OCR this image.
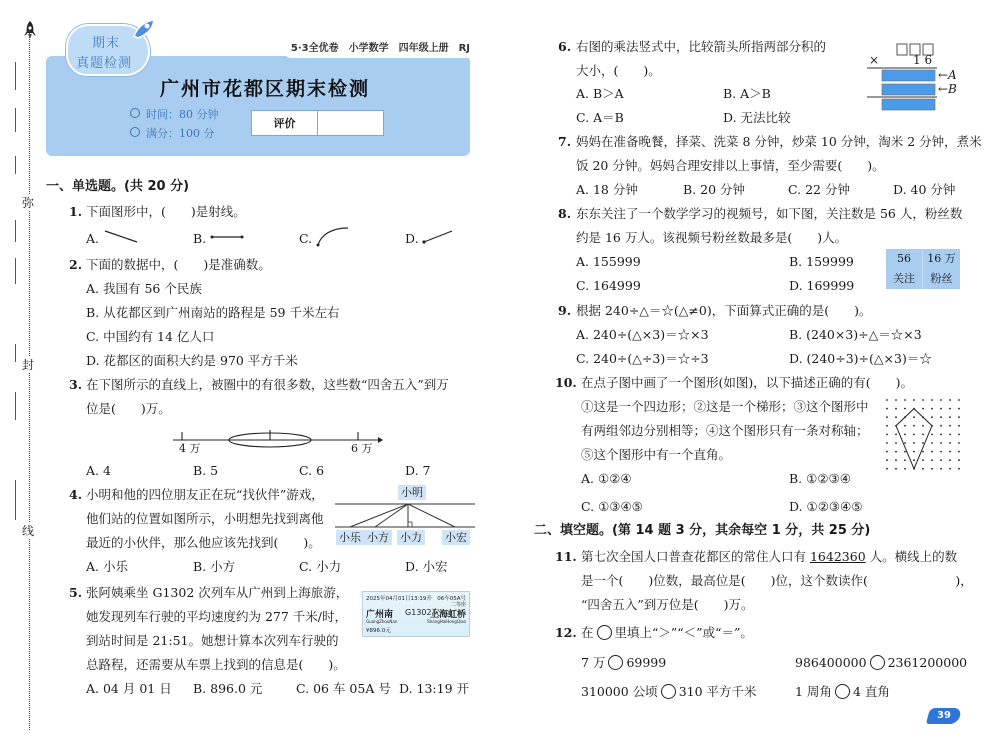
弥
封
线
5·3全优卷　小学数学　四年级上册　RJ
期末
真题检测
广州市花都区期末检测
时间：80 分钟
满分：100 分
评价
一、单选题。(共 20 分)
1. 下面图形中，(　　)是射线。
A.	B.	C.	D.
2. 下面的数据中，(　　)是准确数。
A. 我国有 56 个民族
B. 从花都区到广州南站的路程是 59 千米左右
C. 中国约有 14 亿人口
D. 花都区的面积大约是 970 平方千米
3. 在下图所示的直线上，被圈中的有很多数，这些数“四舍五入”到万
位是(　　)万。
4 万	6 万
A. 4	B. 5	C. 6	D. 7
4. 小明和他的四位朋友正在玩“找伙伴”游戏，
他们站的位置如图所示，小明想先找到离他
最近的小伙伴，那么他应该先找到(　　)。
小明
小乐 小方 小力 小宏
A. 小乐	B. 小方	C. 小力	D. 小宏
5. 张阿姨乘坐 G1302 次列车从广州到上海旅游，
她发现列车行驶的平均速度约为 277 千米/时，
到站时间是 21:51。她想计算本次列车行驶的
总路程，还需要从车票上找到的信息是(　　)。
2025年04月01日13:19开 06车05A号
二等座
广州南 G1302次
上海虹桥
GuangZhouNan	ShangHaiHongQiao
¥896.0元
A. 04 月 01 日 B. 896.0 元	C. 06 车 05A 号 D. 13:19 开
6. 右图的乘法竖式中，比较箭头所指两部分积的
大小，(　　)。
A. B＞A	B. A＞B
C. A＝B	D. 无法比较
×	1 6
←A
←B
7. 妈妈在准备晚餐，择菜、洗菜 8 分钟，炒菜 10 分钟，淘米 2 分钟，煮米
饭 20 分钟。妈妈合理安排以上事情，至少需要(　　)。
A. 18 分钟	B. 20 分钟	C. 22 分钟	D. 40 分钟
8. 东东关注了一个数学学习的视频号，如下图，关注数是 56 人，粉丝数
约是 16 万人。该视频号粉丝数最多是(　　)人。
A. 155999	B. 159999
C. 164999	D. 169999
56	16 万
关注	粉丝
9. 根据 240÷△＝☆(△≠0)，下面算式正确的是(　　)。
A. 240÷(△×3)＝☆×3	B. (240×3)÷△＝☆×3
C. 240÷(△÷3)＝☆÷3	D. (240÷3)÷(△×3)＝☆
10. 在点子图中画了一个图形(如图)，以下描述正确的有(　　)。
①这是一个四边形；②这是一个梯形；③这个图形中
有两组邻边分别相等；④这个图形只有一条对称轴；
⑤这个图形中有一个直角。
A. ①②④	B. ①②③④
C. ①③④⑤	D. ①②③④⑤
二、填空题。(第 14 题 3 分，其余每空 1 分，共 25 分)
11. 第七次全国人口普查花都区的常住人口有 1642360 人。横线上的数
是一个(　　)位数，最高位是(　　)位，这个数读作(　　　　　　　)，
“四舍五入”到万位是(　　)万。
12. 在 里填上“＞”“＜”或“＝”。
7 万 69999	986400000 2361200000
310000 公顷 310 平方千米	1 周角 4 直角
39
